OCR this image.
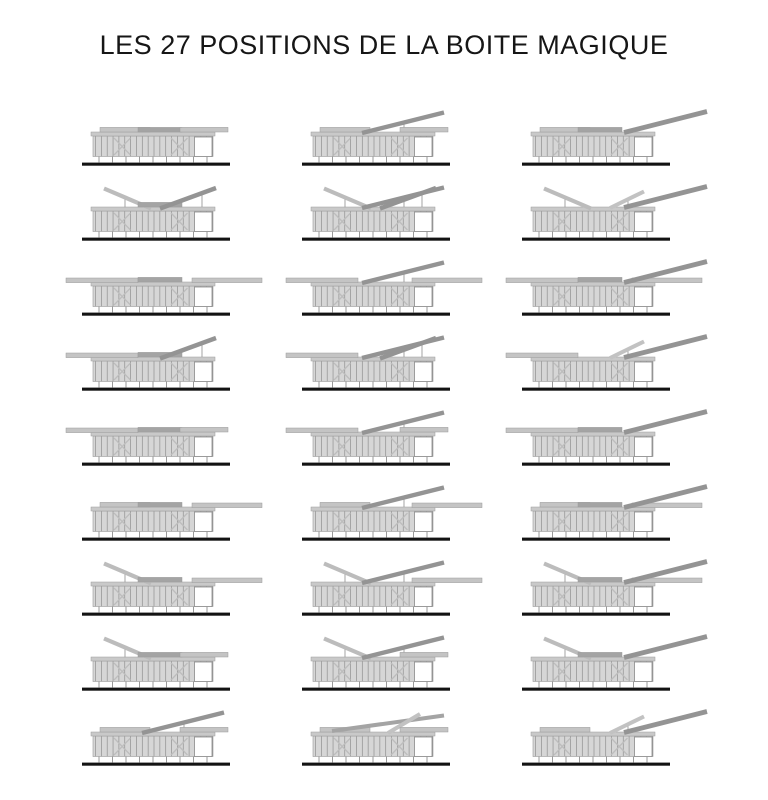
LES 27 POSITIONS DE LA BOITE MAGIQUE
